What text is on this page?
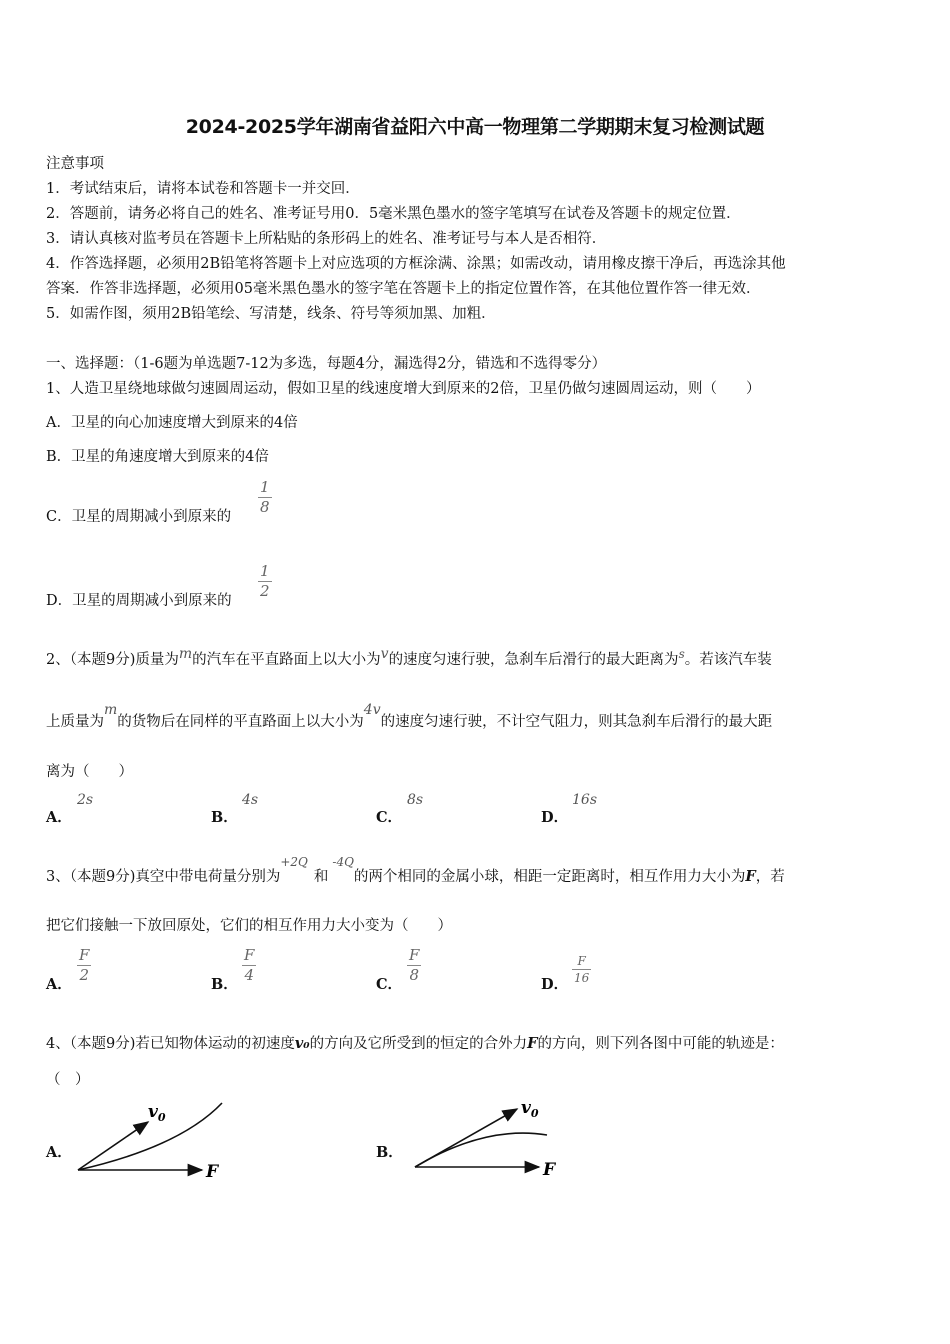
2024-2025学年湖南省益阳六中高一物理第二学期期末复习检测试题
注意事项
1．考试结束后，请将本试卷和答题卡一并交回．
2．答题前，请务必将自己的姓名、准考证号用0．5毫米黑色墨水的签字笔填写在试卷及答题卡的规定位置．
3．请认真核对监考员在答题卡上所粘贴的条形码上的姓名、准考证号与本人是否相符．
4．作答选择题，必须用2B铅笔将答题卡上对应选项的方框涂满、涂黑；如需改动，请用橡皮擦干净后，再选涂其他
答案．作答非选择题，必须用05毫米黑色墨水的签字笔在答题卡上的指定位置作答，在其他位置作答一律无效．
5．如需作图，须用2B铅笔绘、写清楚，线条、符号等须加黑、加粗．
一、选择题：（1-6题为单选题7-12为多选，每题4分，漏选得2分，错选和不选得零分）
1、人造卫星绕地球做匀速圆周运动，假如卫星的线速度增大到原来的2倍，卫星仍做匀速圆周运动，则（　　）
A．卫星的向心加速度增大到原来的4倍
B．卫星的角速度增大到原来的4倍
C．卫星的周期减小到原来的 $\frac{1}{8}$
D．卫星的周期减小到原来的 $\frac{1}{2}$
2、（本题9分)质量为m的汽车在平直路面上以大小为v的速度匀速行驶，急刹车后滑行的最大距离为$^s$。若该汽车装
上质量为m的货物后在同样的平直路面上以大小为4v的速度匀速行驶，不计空气阻力，则其急刹车后滑行的最大距
离为（　　）
A．
2s
B．
4s
C．
8s
D．
16s
3、（本题9分)真空中带电荷量分别为$^{+2Q}$和$^{-4Q}$的两个相同的金属小球，相距一定距离时，相互作用力大小为F，若
把它们接触一下放回原处，它们的相互作用力大小变为（　　）
A． $\frac{F}{2}$	B． $\frac{F}{4}$	C． $\frac{F}{8}$	D． $\frac{F}{16}$
4、（本题9分)若已知物体运动的初速度v₀的方向及它所受到的恒定的合外力F的方向，则下列各图中可能的轨迹是：
（　）
A．
$v_0$
F
B．
$v_0$
F
